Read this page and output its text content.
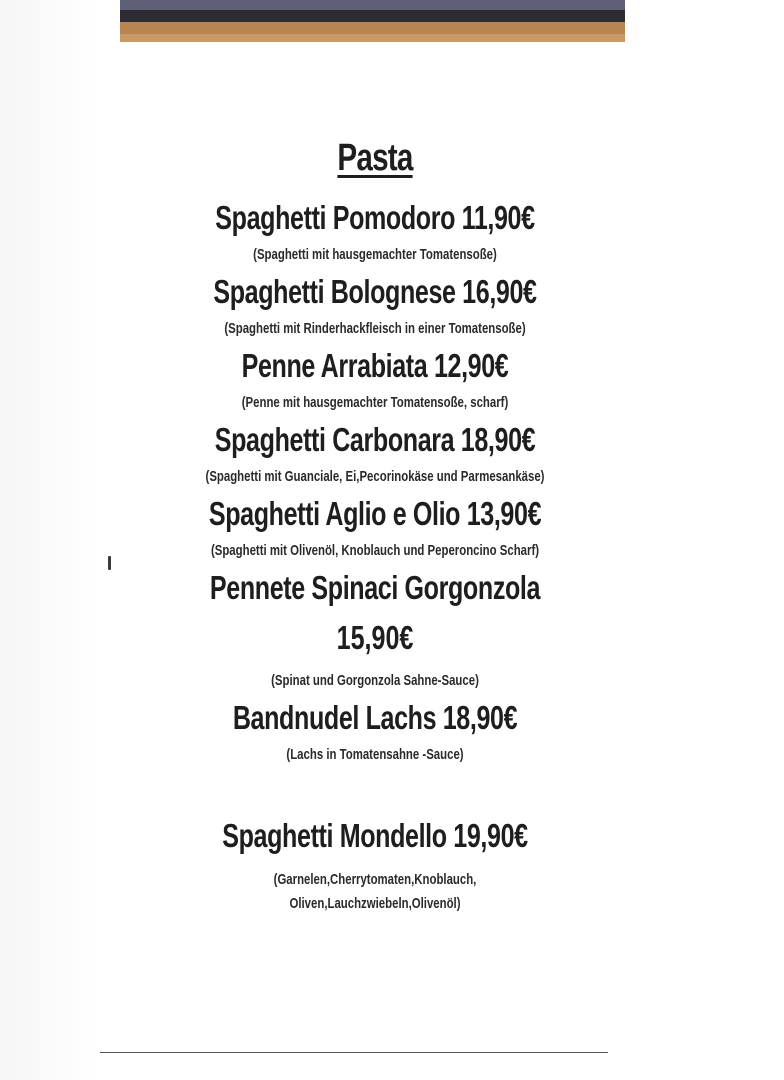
Pasta
Spaghetti Pomodoro 11,90€
(Spaghetti mit hausgemachter Tomatensoße)
Spaghetti Bolognese 16,90€
(Spaghetti mit Rinderhackfleisch in einer Tomatensoße)
Penne Arrabiata 12,90€
(Penne mit hausgemachter Tomatensoße, scharf)
Spaghetti Carbonara 18,90€
(Spaghetti mit Guanciale, Ei,Pecorinokäse und Parmesankäse)
Spaghetti Aglio e Olio 13,90€
(Spaghetti mit Olivenöl, Knoblauch und Peperoncino Scharf)
Pennete Spinaci Gorgonzola
15,90€
(Spinat und Gorgonzola Sahne-Sauce)
Bandnudel Lachs 18,90€
(Lachs in Tomatensahne -Sauce)
Spaghetti Mondello 19,90€
(Garnelen,Cherrytomaten,Knoblauch,
Oliven,Lauchzwiebeln,Olivenöl)
